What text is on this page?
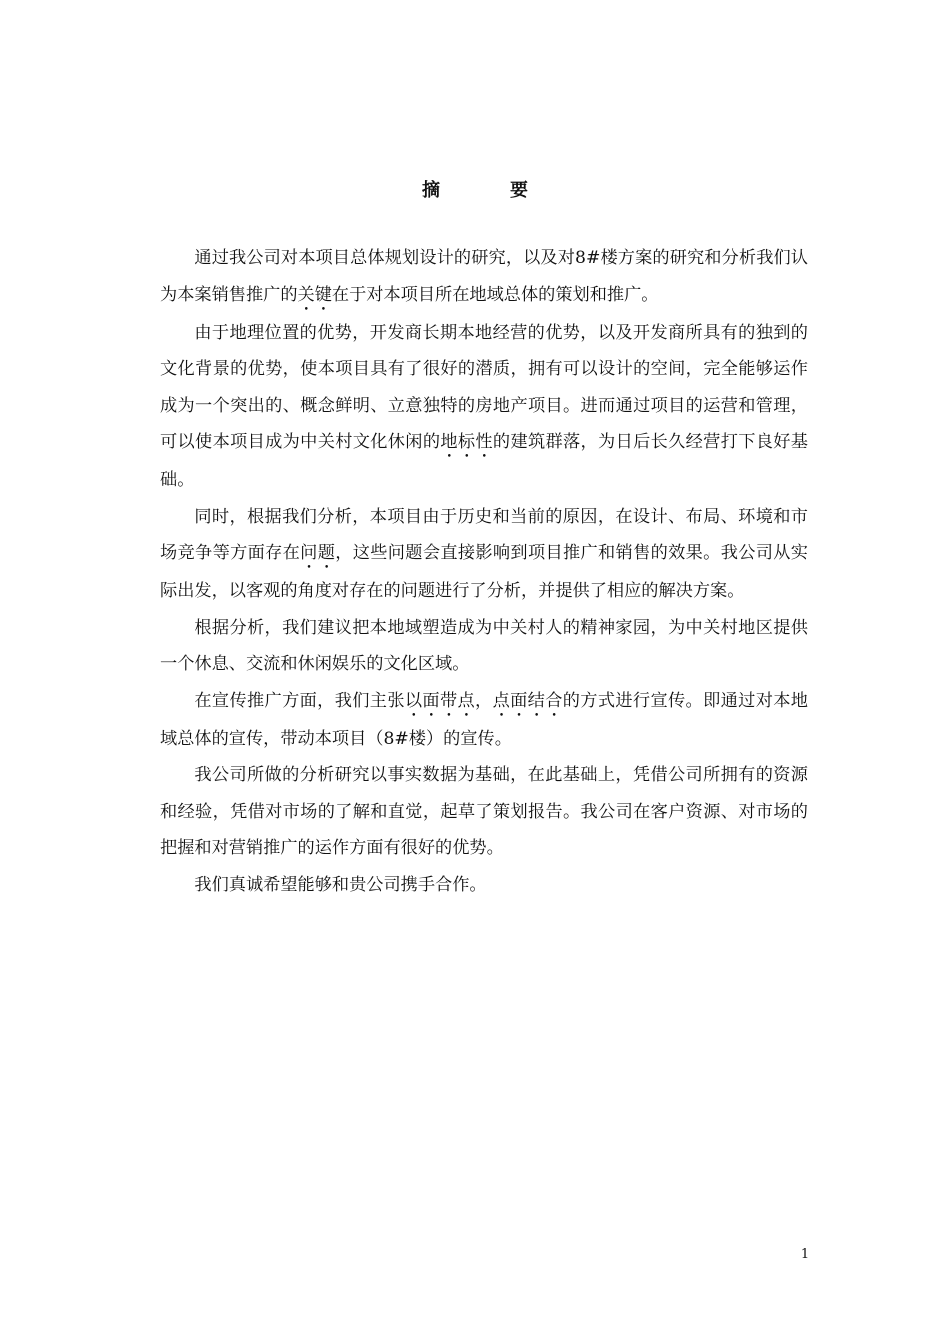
摘　要

通过我公司对本项目总体规划设计的研究，以及对8#楼方案的研究和分析我们认为本案销售推广的关键在于对本项目所在地域总体的策划和推广。

由于地理位置的优势，开发商长期本地经营的优势，以及开发商所具有的独到的文化背景的优势，使本项目具有了很好的潜质，拥有可以设计的空间，完全能够运作成为一个突出的、概念鲜明、立意独特的房地产项目。进而通过项目的运营和管理，可以使本项目成为中关村文化休闲的地标性的建筑群落，为日后长久经营打下良好基础。

同时，根据我们分析，本项目由于历史和当前的原因，在设计、布局、环境和市场竞争等方面存在问题，这些问题会直接影响到项目推广和销售的效果。我公司从实际出发，以客观的角度对存在的问题进行了分析，并提供了相应的解决方案。

根据分析，我们建议把本地域塑造成为中关村人的精神家园，为中关村地区提供一个休息、交流和休闲娱乐的文化区域。

在宣传推广方面，我们主张以面带点，点面结合的方式进行宣传。即通过对本地域总体的宣传，带动本项目（8#楼）的宣传。

我公司所做的分析研究以事实数据为基础，在此基础上，凭借公司所拥有的资源和经验，凭借对市场的了解和直觉，起草了策划报告。我公司在客户资源、对市场的把握和对营销推广的运作方面有很好的优势。

我们真诚希望能够和贵公司携手合作。

1
